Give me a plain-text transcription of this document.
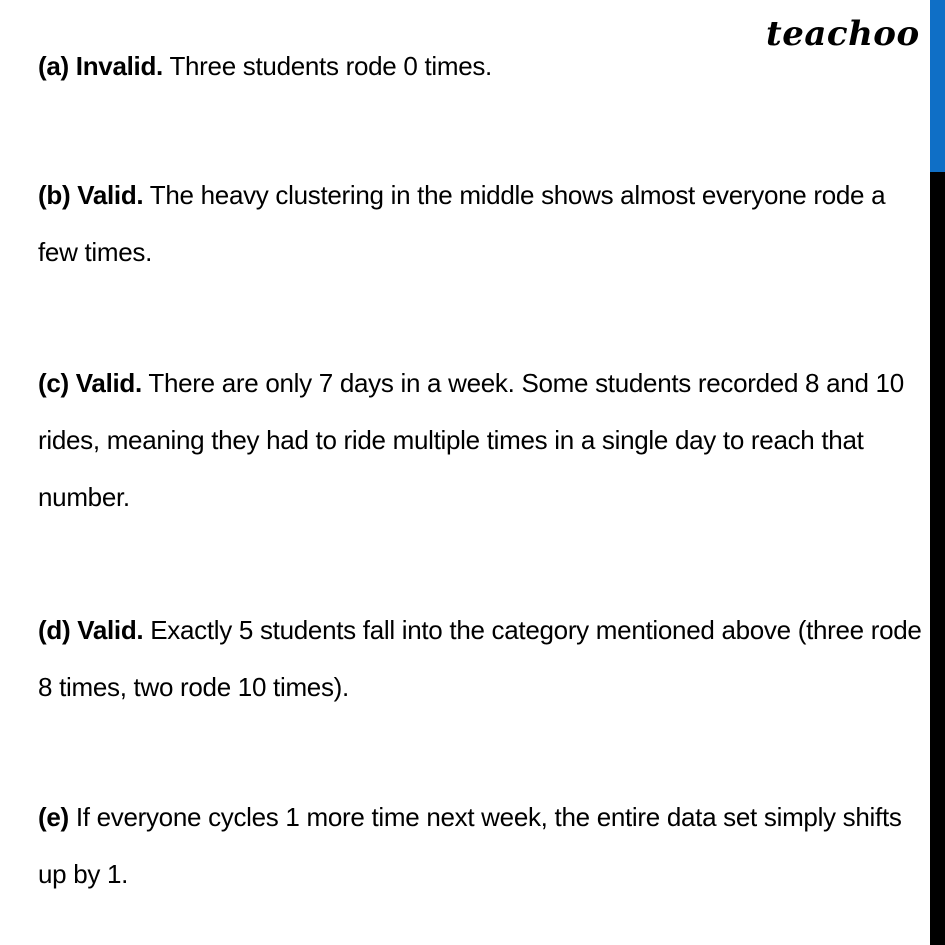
teachoo
(a) Invalid. Three students rode 0 times.
(b) Valid. The heavy clustering in the middle shows almost everyone rode a few times.
(c) Valid. There are only 7 days in a week. Some students recorded 8 and 10 rides, meaning they had to ride multiple times in a single day to reach that number.
(d) Valid. Exactly 5 students fall into the category mentioned above (three rode 8 times, two rode 10 times).
(e) If everyone cycles 1 more time next week, the entire data set simply shifts up by 1.
